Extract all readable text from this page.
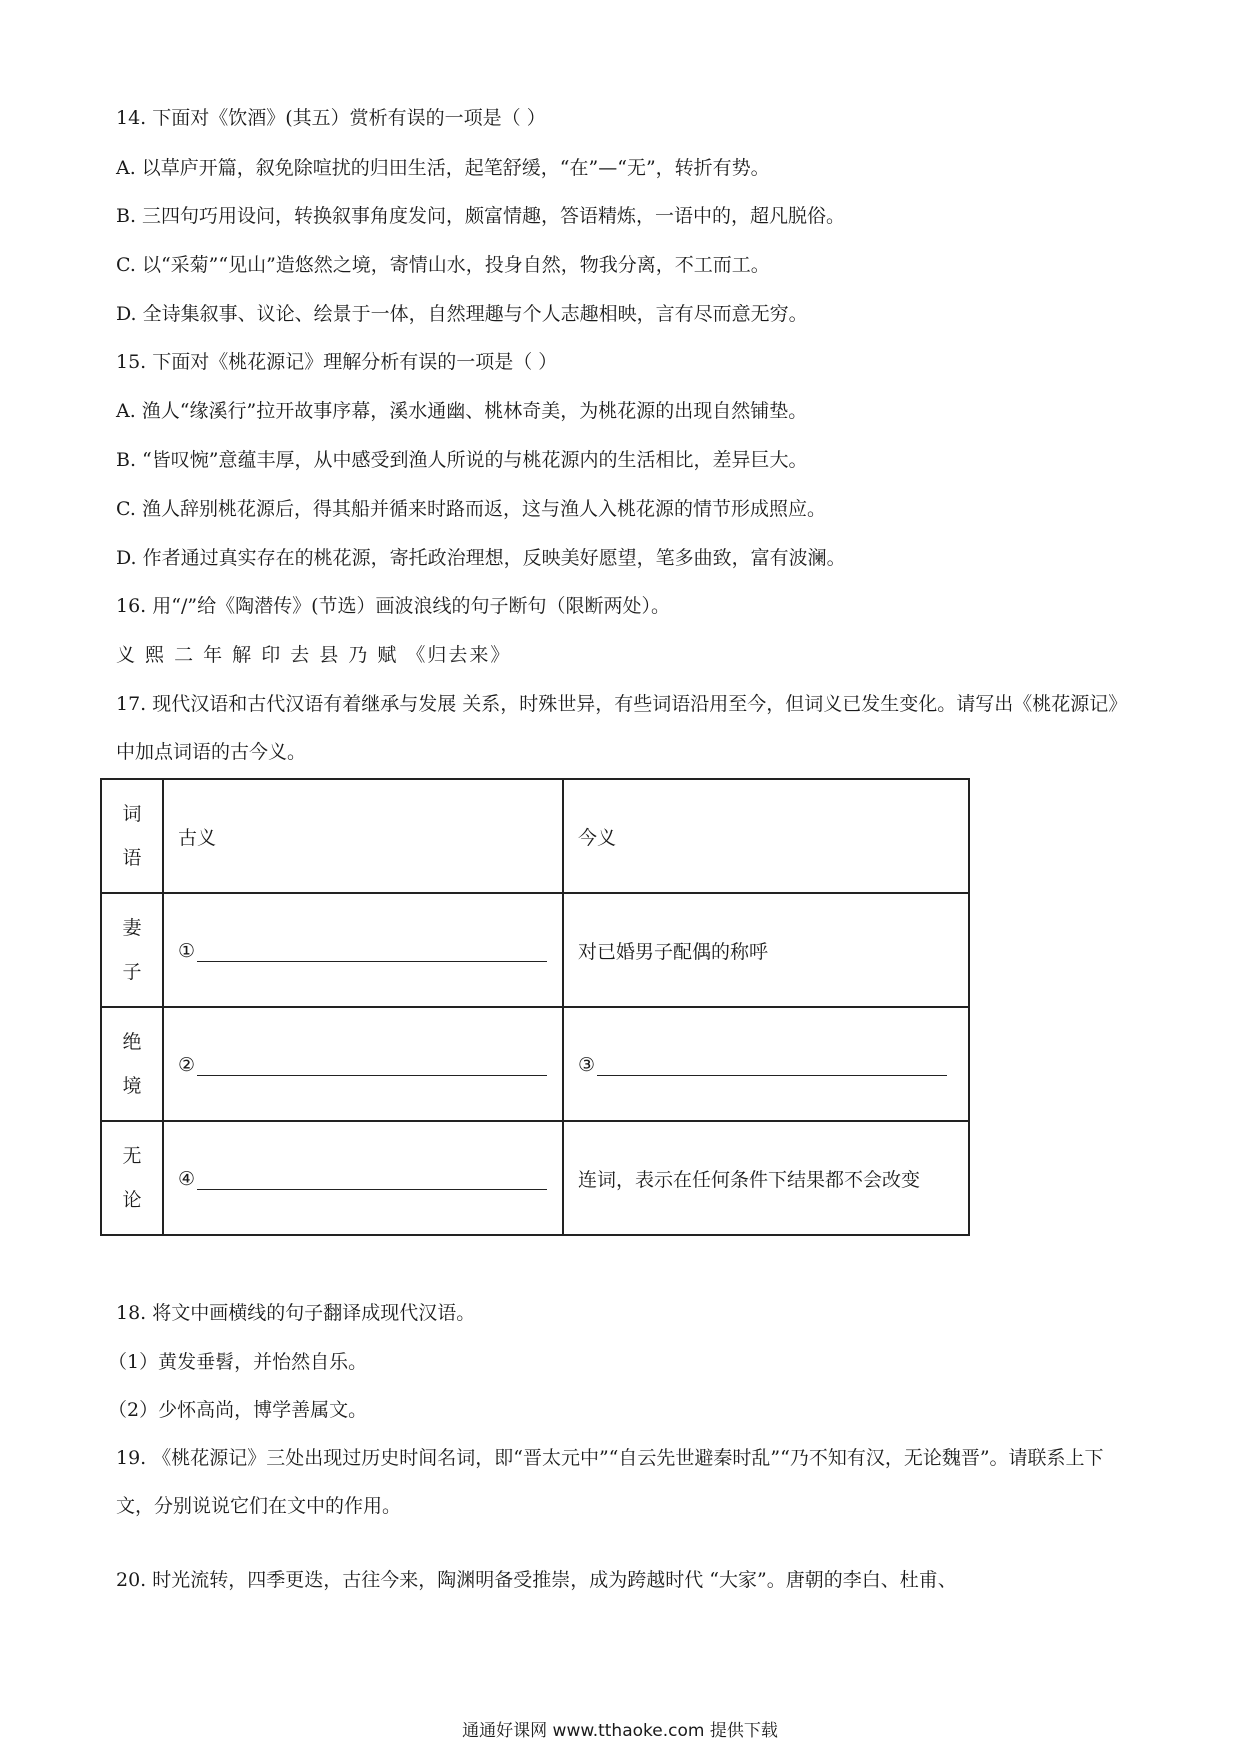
14. 下面对《饮酒》(其五）赏析有误的一项是（ ）
A. 以草庐开篇，叙免除喧扰的归田生活，起笔舒缓，“在”—“无”，转折有势。
B. 三四句巧用设问，转换叙事角度发问，颇富情趣，答语精炼，一语中的，超凡脱俗。
C. 以“采菊”“见山”造悠然之境，寄情山水，投身自然，物我分离，不工而工。
D. 全诗集叙事、议论、绘景于一体，自然理趣与个人志趣相映，言有尽而意无穷。
15. 下面对《桃花源记》理解分析有误的一项是（ ）
A. 渔人“缘溪行”拉开故事序幕，溪水通幽、桃林奇美，为桃花源的出现自然铺垫。
B. “皆叹惋”意蕴丰厚，从中感受到渔人所说的与桃花源内的生活相比，差异巨大。
C. 渔人辞别桃花源后，得其船并循来时路而返，这与渔人入桃花源的情节形成照应。
D. 作者通过真实存在的桃花源，寄托政治理想，反映美好愿望，笔多曲致，富有波澜。
16. 用“/”给《陶潜传》(节选）画波浪线的句子断句（限断两处）。
义 熙 二 年 解 印 去 县 乃 赋 《归去来》
17. 现代汉语和古代汉语有着继承与发展 关系，时殊世异，有些词语沿用至今，但词义已发生变化。请写出《桃花源记》中加点词语的古今义。
词语	古义	今义
妻子	①	对已婚男子配偶的称呼
绝境	②	③
无论	④	连词，表示在任何条件下结果都不会改变
18. 将文中画横线的句子翻译成现代汉语。
（1）黄发垂髫，并怡然自乐。
（2）少怀高尚，博学善属文。
19. 《桃花源记》三处出现过历史时间名词，即“晋太元中”“自云先世避秦时乱”“乃不知有汉，无论魏晋”。请联系上下文，分别说说它们在文中的作用。
20. 时光流转，四季更迭，古往今来，陶渊明备受推崇，成为跨越时代 “大家”。唐朝的李白、杜甫、
通通好课网 www.tthaoke.com 提供下载
